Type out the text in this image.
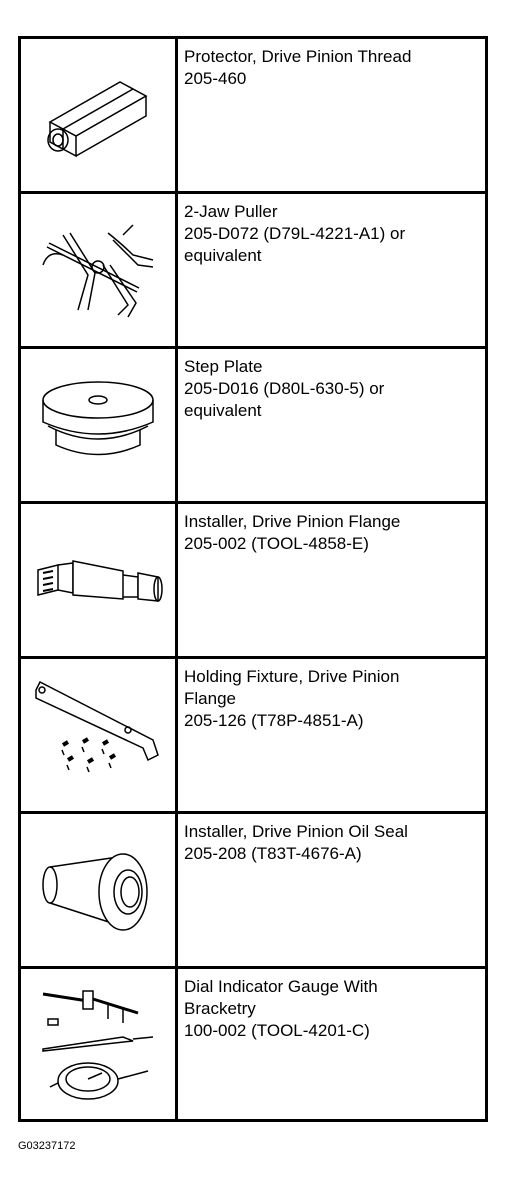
Protector, Drive Pinion Thread
205-460
2-Jaw Puller
205-D072 (D79L-4221-A1) or
equivalent
Step Plate
205-D016 (D80L-630-5) or
equivalent
Installer, Drive Pinion Flange
205-002 (TOOL-4858-E)
Holding Fixture, Drive Pinion
Flange
205-126 (T78P-4851-A)
Installer, Drive Pinion Oil Seal
205-208 (T83T-4676-A)
Dial Indicator Gauge With
Bracketry
100-002 (TOOL-4201-C)
G03237172
